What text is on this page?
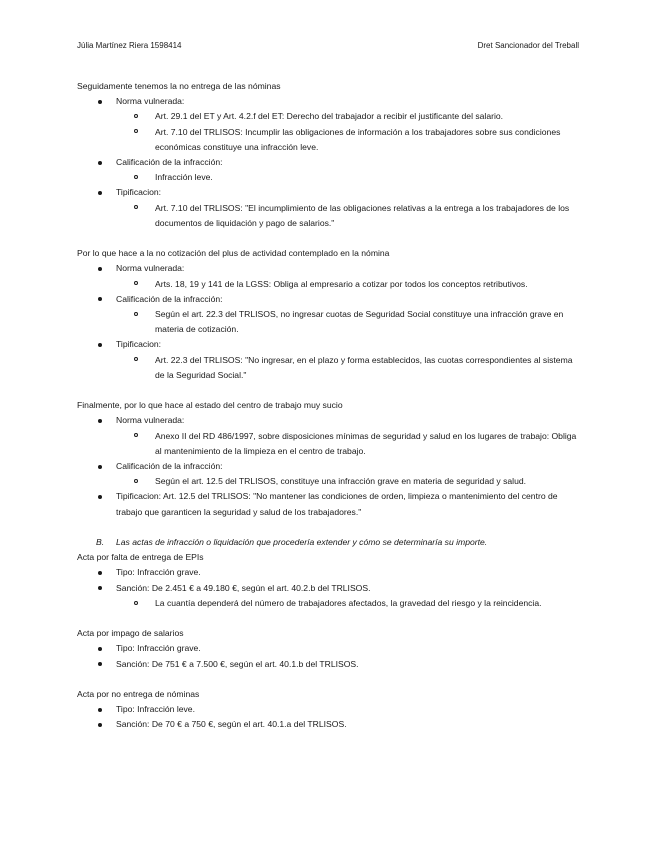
Júlia Martínez Riera 1598414	Dret Sancionador del Treball

Seguidamente tenemos la no entrega de las nóminas

Norma vulnerada:
Art. 29.1 del ET y Art. 4.2.f del ET: Derecho del trabajador a recibir el justificante del salario.
Art. 7.10 del TRLISOS: Incumplir las obligaciones de información a los trabajadores sobre sus condiciones económicas constituye una infracción leve.
Calificación de la infracción:
Infracción leve.
Tipificacion:
Art. 7.10 del TRLISOS: "El incumplimiento de las obligaciones relativas a la entrega a los trabajadores de los documentos de liquidación y pago de salarios."

Por lo que hace a la no cotización del plus de actividad contemplado en la nómina

Norma vulnerada:
Arts. 18, 19 y 141 de la LGSS: Obliga al empresario a cotizar por todos los conceptos retributivos.
Calificación de la infracción:
Según el art. 22.3 del TRLISOS, no ingresar cuotas de Seguridad Social constituye una infracción grave en materia de cotización.
Tipificacion:
Art. 22.3 del TRLISOS: "No ingresar, en el plazo y forma establecidos, las cuotas correspondientes al sistema de la Seguridad Social."

Finalmente, por lo que hace al estado del centro de trabajo muy sucio

Norma vulnerada:
Anexo II del RD 486/1997, sobre disposiciones mínimas de seguridad y salud en los lugares de trabajo: Obliga al mantenimiento de la limpieza en el centro de trabajo.
Calificación de la infracción:
Según el art. 12.5 del TRLISOS, constituye una infracción grave en materia de seguridad y salud.
Tipificacion: Art. 12.5 del TRLISOS: "No mantener las condiciones de orden, limpieza o mantenimiento del centro de trabajo que garanticen la seguridad y salud de los trabajadores."
B. Las actas de infracción o liquidación que procedería extender y cómo se determinaría su importe.

Acta por falta de entrega de EPIs

Tipo: Infracción grave.
Sanción: De 2.451 € a 49.180 €, según el art. 40.2.b del TRLISOS.
La cuantía dependerá del número de trabajadores afectados, la gravedad del riesgo y la reincidencia.

Acta por impago de salarios

Tipo: Infracción grave.
Sanción: De 751 € a 7.500 €, según el art. 40.1.b del TRLISOS.

Acta por no entrega de nóminas

Tipo: Infracción leve.
Sanción: De 70 € a 750 €, según el art. 40.1.a del TRLISOS.
